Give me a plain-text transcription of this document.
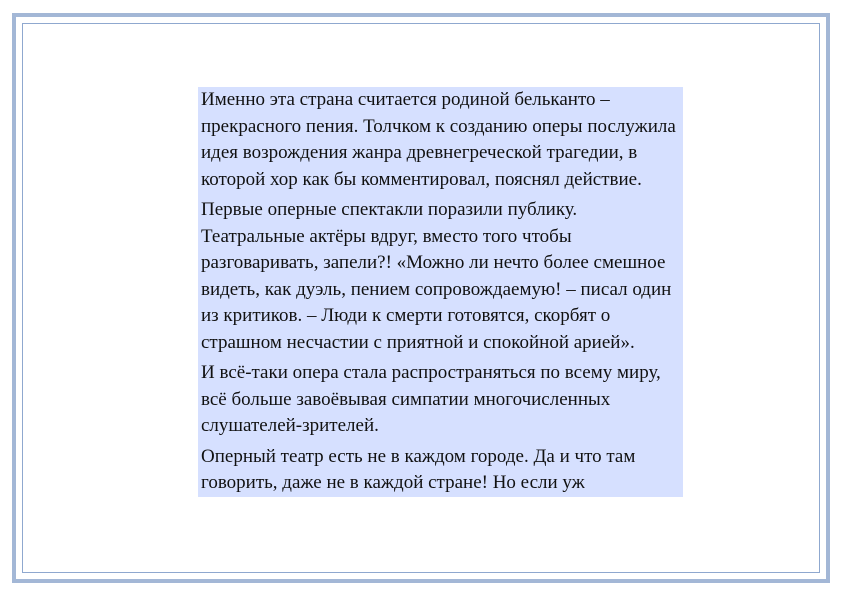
Именно эта страна считается родиной бельканто – прекрасного пения. Толчком к созданию оперы послужила идея возрождения жанра древнегреческой трагедии, в которой хор как бы комментировал, пояснял действие.

Первые оперные спектакли поразили публику. Театральные актёры вдруг, вместо того чтобы разговаривать, запели?! «Можно ли нечто более смешное видеть, как дуэль, пением сопровождаемую! – писал один из критиков. – Люди к смерти готовятся, скорбят о страшном несчастии с приятной и спокойной арией».

И всё-таки опера стала распространяться по всему миру, всё больше завоёвывая симпатии многочисленных слушателей-зрителей.

Оперный театр есть не в каждом городе. Да и что там говорить, даже не в каждой стране! Но если уж
